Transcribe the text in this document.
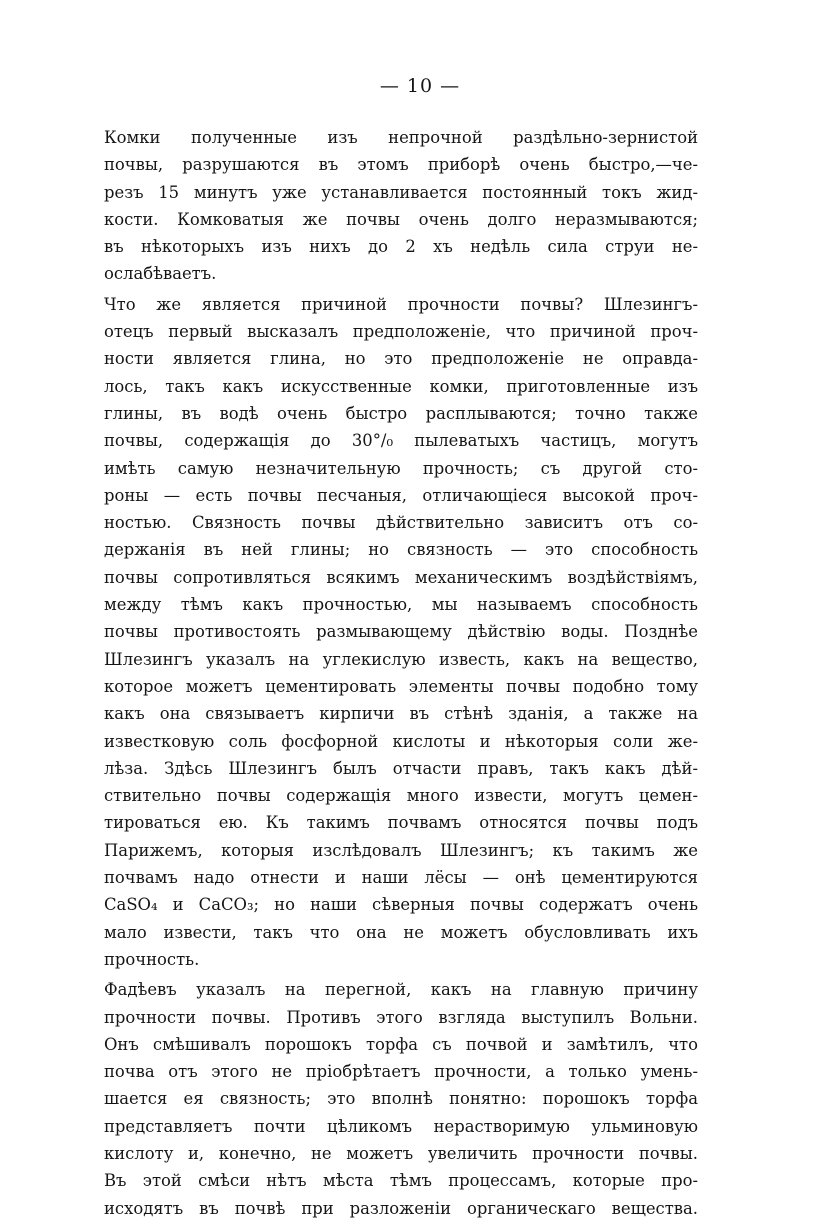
— 10 —
Комки полученные изъ непрочной раздѣльно-зернистой
почвы, разрушаются въ этомъ приборѣ очень быстро,—че-
резъ 15 минутъ уже устанавливается постоянный токъ жид-
кости. Комковатыя же почвы очень долго неразмываются;
въ нѣкоторыхъ изъ нихъ до 2 хъ недѣль сила струи не-
ослабѣваетъ.
Что же является причиной прочности почвы? Шлезингъ-
отецъ первый высказалъ предположеніе, что причиной проч-
ности является глина, но это предположеніе не оправда-
лось, такъ какъ искусственные комки, приготовленные изъ
глины, въ водѣ очень быстро расплываются; точно также
почвы, содержащія до 30°/₀ пылеватыхъ частицъ, могутъ
имѣть самую незначительную прочность; съ другой сто-
роны — есть почвы песчаныя, отличающіеся высокой проч-
ностью. Связность почвы дѣйствительно зависитъ отъ со-
держанія въ ней глины; но связность — это способность
почвы сопротивляться всякимъ механическимъ воздѣйствіямъ,
между тѣмъ какъ прочностью, мы называемъ способность
почвы противостоять размывающему дѣйствію воды. Позднѣе
Шлезингъ указалъ на углекислую известь, какъ на вещество,
которое можетъ цементировать элементы почвы подобно тому
какъ она связываетъ кирпичи въ стѣнѣ зданія, а также на
известковую соль фосфорной кислоты и нѣкоторыя соли же-
лѣза. Здѣсь Шлезингъ былъ отчасти правъ, такъ какъ дѣй-
ствительно почвы содержащія много извести, могутъ цемен-
тироваться ею. Къ такимъ почвамъ относятся почвы подъ
Парижемъ, которыя изслѣдовалъ Шлезингъ; къ такимъ же
почвамъ надо отнести и наши лёсы — онѣ цементируются
CaSO₄ и CaCO₃; но наши сѣверныя почвы содержатъ очень
мало извести, такъ что она не можетъ обусловливать ихъ
прочность.
Фадѣевъ указалъ на перегной, какъ на главную причину
прочности почвы. Противъ этого взгляда выступилъ Вольни.
Онъ смѣшивалъ порошокъ торфа съ почвой и замѣтилъ, что
почва отъ этого не пріобрѣтаетъ прочности, а только умень-
шается ея связность; это вполнѣ понятно: порошокъ торфа
представляетъ почти цѣликомъ нерастворимую ульминовую
кислоту и, конечно, не можетъ увеличить прочности почвы.
Въ этой смѣси нѣтъ мѣста тѣмъ процессамъ, которые про-
исходятъ въ почвѣ при разложеніи органическаго вещества.
